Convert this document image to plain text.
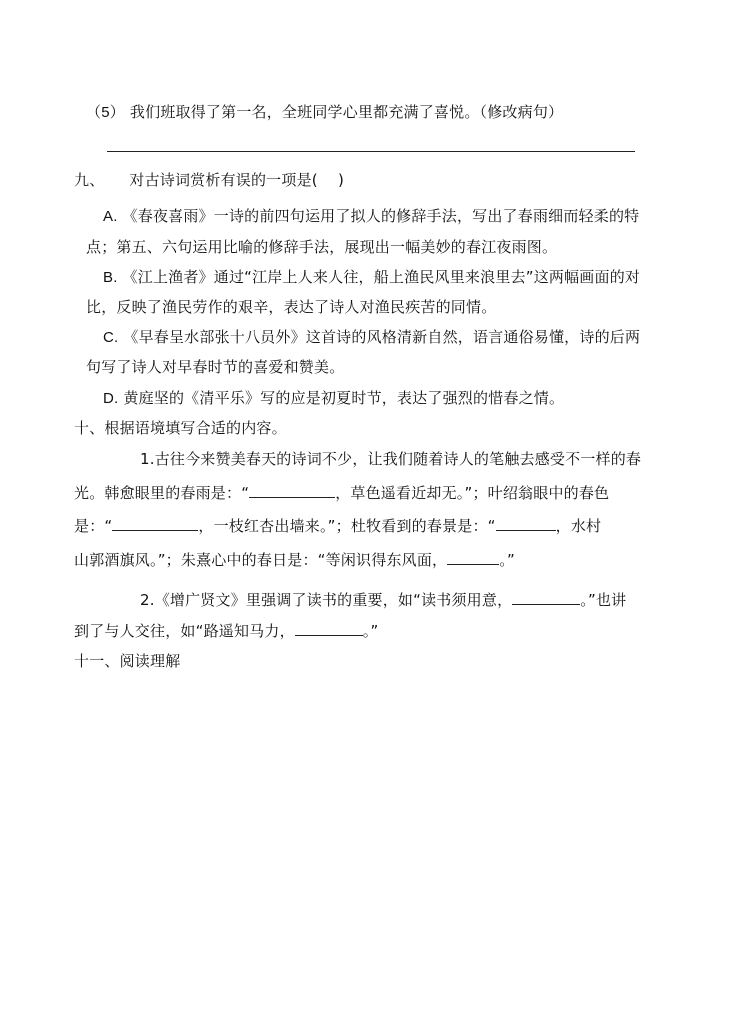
（5） 我们班取得了第一名，全班同学心里都充满了喜悦。（修改病句）
九、 对古诗词赏析有误的一项是(　 )
A. 《春夜喜雨》一诗的前四句运用了拟人的修辞手法，写出了春雨细而轻柔的特
点；第五、六句运用比喻的修辞手法，展现出一幅美妙的春江夜雨图。
B. 《江上渔者》通过“江岸上人来人往，船上渔民风里来浪里去”这两幅画面的对
比，反映了渔民劳作的艰辛，表达了诗人对渔民疾苦的同情。
C. 《早春呈水部张十八员外》这首诗的风格清新自然，语言通俗易懂，诗的后两
句写了诗人对早春时节的喜爱和赞美。
D. 黄庭坚的《清平乐》写的应是初夏时节，表达了强烈的惜春之情。
十、根据语境填写合适的内容。
1.古往今来赞美春天的诗词不少，让我们随着诗人的笔触去感受不一样的春
光。韩愈眼里的春雨是：“	，草色遥看近却无。”；叶绍翁眼中的春色
是：“	，一枝红杏出墙来。”；杜牧看到的春景是：“	，水村
山郭酒旗风。”；朱熹心中的春日是：“等闲识得东风面，	。”
2.《增广贤文》里强调了读书的重要，如“读书须用意，	。”也讲
到了与人交往，如“路遥知马力，	。”
十一、阅读理解
